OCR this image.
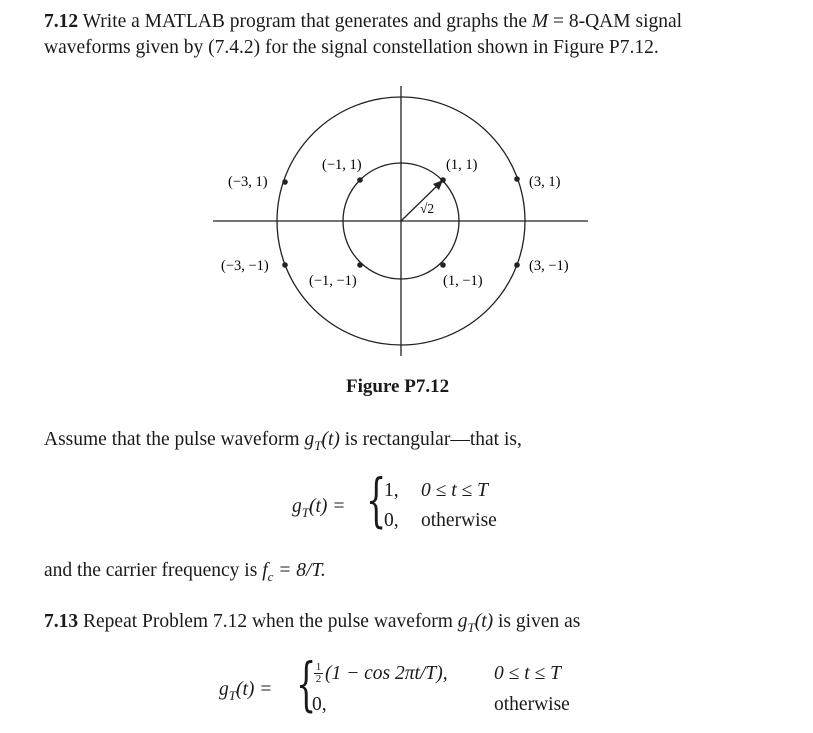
7.12 Write a MATLAB program that generates and graphs the M = 8-QAM signal
waveforms given by (7.4.2) for the signal constellation shown in Figure P7.12.
(−3, 1)
(−1, 1)	(1, 1)
(3, 1)
(−3, −1)
(−1, −1)	(1, −1)
(3, −1)
√2
Figure P7.12
Assume that the pulse waveform $g_T(t)$ is rectangular—that is,
$g_T(t)$ = {
1, 0 ≤ t ≤ T
0, otherwise
and the carrier frequency is $f_c = 8/T$.
7.13 Repeat Problem 7.12 when the pulse waveform $g_T(t)$ is given as
$g_T(t)$ = {
$\frac{1}{2} (1 - \cos 2\pi t/T)$, 0 ≤ t ≤ T
0,	otherwise
